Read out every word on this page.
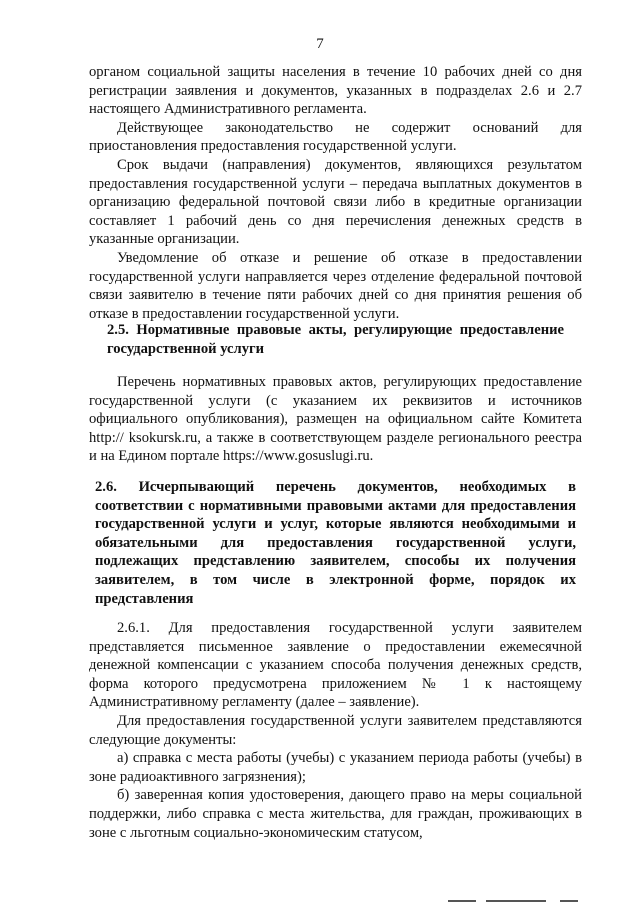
7

органом социальной защиты населения в течение 10 рабочих дней со дня регистрации заявления и документов, указанных в подразделах 2.6 и 2.7 настоящего Административного регламента.

Действующее законодательство не содержит оснований для приостановления предоставления государственной услуги.

Срок выдачи (направления) документов, являющихся результатом предоставления государственной услуги – передача выплатных документов в организацию федеральной почтовой связи либо в кредитные организации составляет 1 рабочий день со дня перечисления денежных средств в указанные организации.

Уведомление об отказе и решение об отказе в предоставлении государственной услуги направляется через отделение федеральной почтовой связи заявителю в течение пяти рабочих дней со дня принятия решения об отказе в предоставлении государственной услуги.

2.5. Нормативные правовые акты, регулирующие предоставление государственной услуги

Перечень нормативных правовых актов, регулирующих предоставление государственной услуги (с указанием их реквизитов и источников официального опубликования), размещен на официальном сайте Комитета http:// ksokursk.ru, а также в соответствующем разделе регионального реестра и на Едином портале https://www.gosuslugi.ru.

2.6. Исчерпывающий перечень документов, необходимых в соответствии с нормативными правовыми актами для предоставления государственной услуги и услуг, которые являются необходимыми и обязательными для предоставления государственной услуги, подлежащих представлению заявителем, способы их получения заявителем, в том числе в электронной форме, порядок их представления

2.6.1. Для предоставления государственной услуги заявителем представляется письменное заявление о предоставлении ежемесячной денежной компенсации с указанием способа получения денежных средств, форма которого предусмотрена приложением № 1 к настоящему Административному регламенту (далее – заявление).

Для предоставления государственной услуги заявителем представляются следующие документы:

а) справка с места работы (учебы) с указанием периода работы (учебы) в зоне радиоактивного загрязнения);

б) заверенная копия удостоверения, дающего право на меры социальной поддержки, либо справка с места жительства, для граждан, проживающих в зоне с льготным социально-экономическим статусом,
